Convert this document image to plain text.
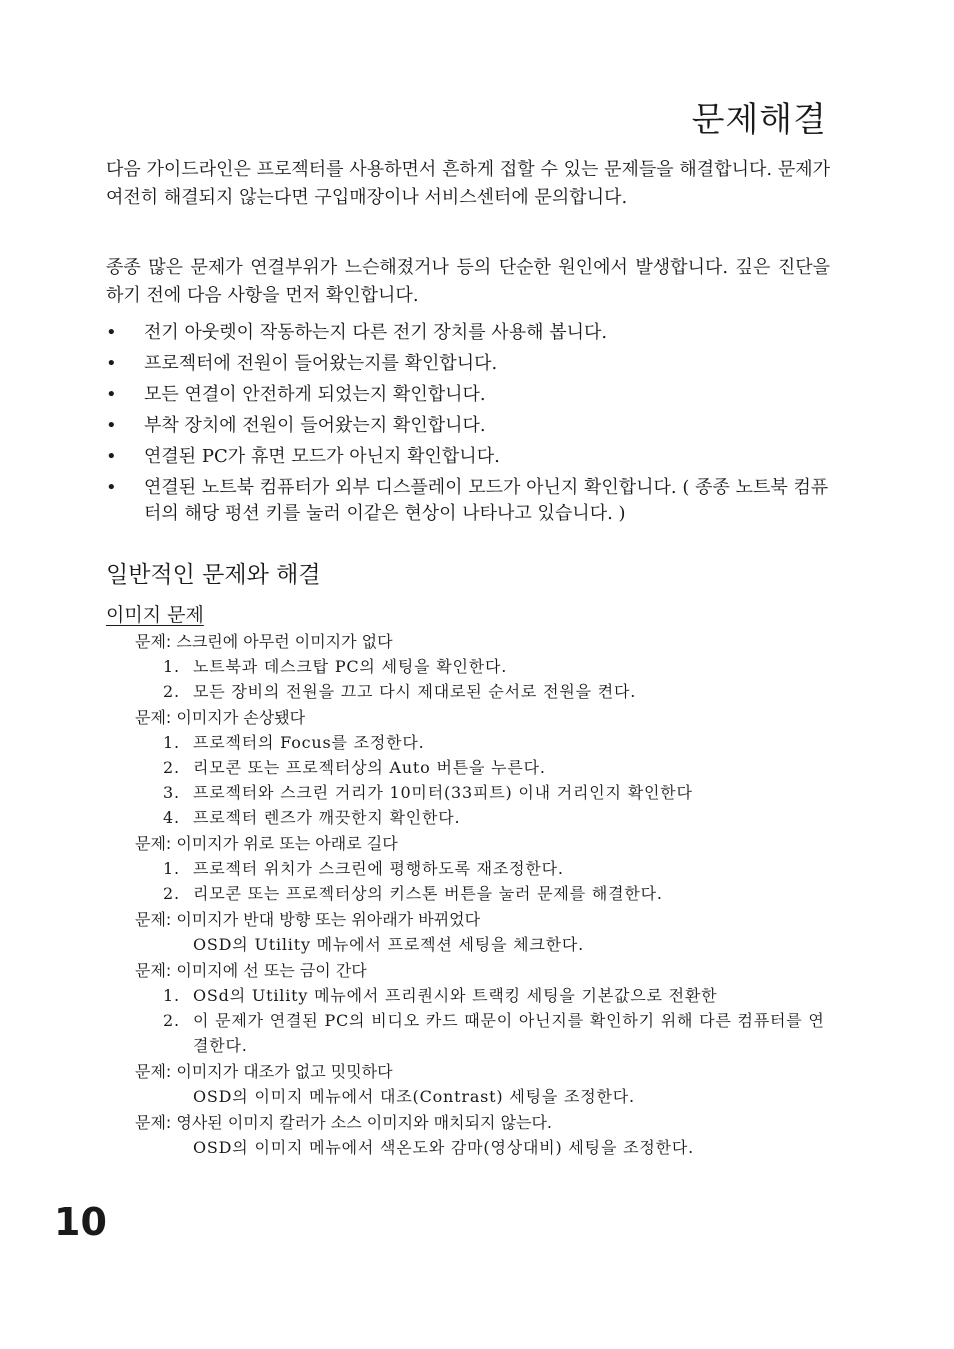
문제해결
다음 가이드라인은 프로젝터를 사용하면서 흔하게 접할 수 있는 문제들을 해결합니다. 문제가 여전히 해결되지 않는다면 구입매장이나 서비스센터에 문의합니다.
종종 많은 문제가 연결부위가 느슨해졌거나 등의 단순한 원인에서 발생합니다. 깊은 진단을 하기 전에 다음 사항을 먼저 확인합니다.
• 전기 아웃렛이 작동하는지 다른 전기 장치를 사용해 봅니다.
• 프로젝터에 전원이 들어왔는지를 확인합니다.
• 모든 연결이 안전하게 되었는지 확인합니다.
• 부착 장치에 전원이 들어왔는지 확인합니다.
• 연결된 PC가 휴면 모드가 아닌지 확인합니다.
• 연결된 노트북 컴퓨터가 외부 디스플레이 모드가 아닌지 확인합니다. ( 종종 노트북 컴퓨터의 해당 펑션 키를 눌러 이같은 현상이 나타나고 있습니다. )
일반적인 문제와 해결
이미지 문제
문제: 스크린에 아무런 이미지가 없다
1. 노트북과 데스크탑 PC의 세팅을 확인한다.
2. 모든 장비의 전원을 끄고 다시 제대로된 순서로 전원을 켠다.
문제: 이미지가 손상됐다
1. 프로젝터의 Focus를 조정한다.
2. 리모콘 또는 프로젝터상의 Auto 버튼을 누른다.
3. 프로젝터와 스크린 거리가 10미터(33피트) 이내 거리인지 확인한다
4. 프로젝터 렌즈가 깨끗한지 확인한다.
문제: 이미지가 위로 또는 아래로 길다
1. 프로젝터 위치가 스크린에 평행하도록 재조정한다.
2. 리모콘 또는 프로젝터상의 키스톤 버튼을 눌러 문제를 해결한다.
문제: 이미지가 반대 방향 또는 위아래가 바뀌었다
OSD의 Utility 메뉴에서 프로젝션 세팅을 체크한다.
문제: 이미지에 선 또는 금이 간다
1. OSd의 Utility 메뉴에서 프리퀀시와 트랙킹 세팅을 기본값으로 전환한
2. 이 문제가 연결된 PC의 비디오 카드 때문이 아닌지를 확인하기 위해 다른 컴퓨터를 연결한다.
문제: 이미지가 대조가 없고 밋밋하다
OSD의 이미지 메뉴에서 대조(Contrast) 세팅을 조정한다.
문제: 영사된 이미지 칼러가 소스 이미지와 매치되지 않는다.
OSD의 이미지 메뉴에서 색온도와 감마(영상대비) 세팅을 조정한다.
10
